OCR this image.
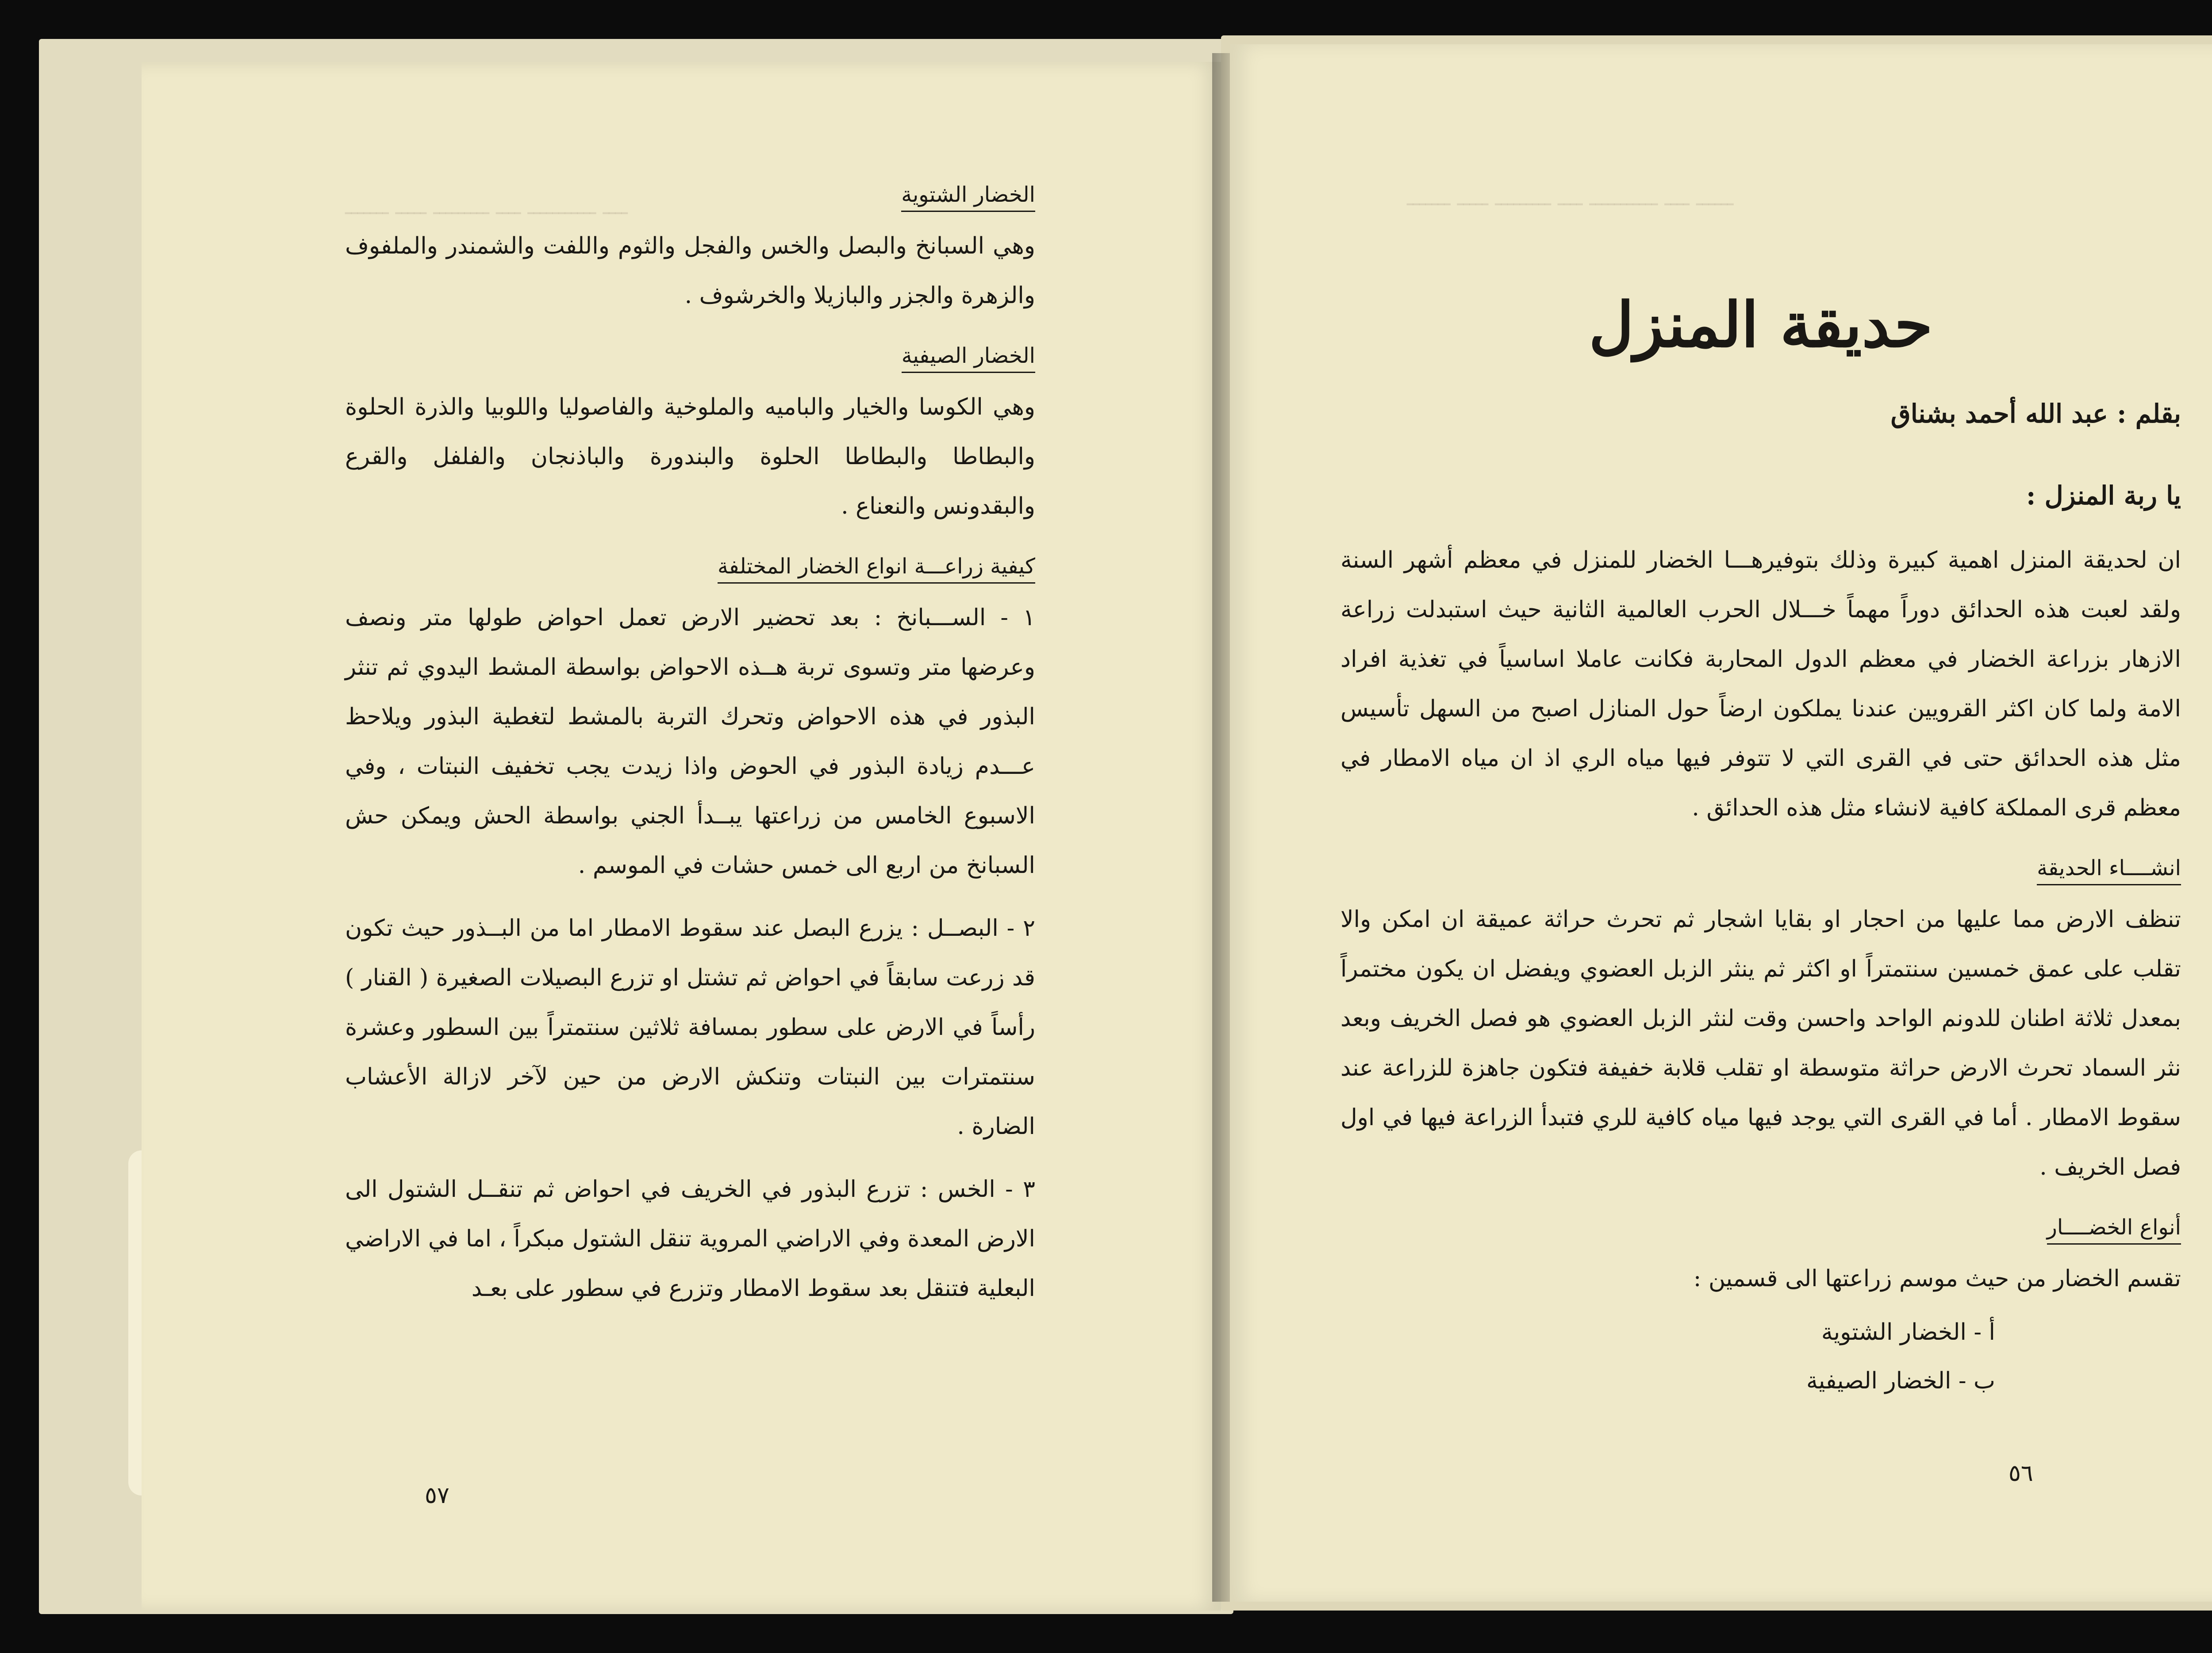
ـــــــ ـــــ ـــــــــ ــــ ـــــــــــ ــــ	الخضار الشتوية

وهي السبانخ والبصل والخس والفجل والثوم واللفت والشمندر والملفوف والزهرة والجزر والبازيلا والخرشوف .

الخضار الصيفية

وهي الكوسا والخيار والباميه والملوخية والفاصوليا واللوبيا والذرة الحلوة والبطاطا والبطاطا الحلوة والبندورة والباذنجان والفلفل والقرع والبقدونس والنعناع .

كيفية زراعـــة انواع الخضار المختلفة

١ - الســـبانخ : بعد تحضير الارض تعمل احواض طولها متر ونصف وعرضها متر وتسوى تربة هــذه الاحواض بواسطة المشط اليدوي ثم تنثر البذور في هذه الاحواض وتحرك التربة بالمشط لتغطية البذور ويلاحظ عـــدم زيادة البذور في الحوض واذا زيدت يجب تخفيف النبتات ، وفي الاسبوع الخامس من زراعتها يبــدأ الجني بواسطة الحش ويمكن حش السبانخ من اربع الى خمس حشات في الموسم .

٢ - البصــل : يزرع البصل عند سقوط الامطار اما من البــذور حيث تكون قد زرعت سابقاً في احواض ثم تشتل او تزرع البصيلات الصغيرة ( القنار ) رأساً في الارض على سطور بمسافة ثلاثين سنتمتراً بين السطور وعشرة سنتمترات بين النبتات وتنكش الارض من حين لآخر لازالة الأعشاب الضارة .

٣ - الخس : تزرع البذور في الخريف في احواض ثم تنقــل الشتول الى الارض المعدة وفي الاراضي المروية تنقل الشتول مبكراً ، اما في الاراضي البعلية فتنقل بعد سقوط الامطار وتزرع في سطور على بعـد

٥٧
ـــــــ ـــــ ـــــــــ ــــ ـــــــــــ ــــ ــــــ
حديقة المنزل
بقلم : عبد الله أحمد بشناق
يا ربة المنزل :

ان لحديقة المنزل اهمية كبيرة وذلك بتوفيرهـــا الخضار للمنزل في معظم أشهر السنة ولقد لعبت هذه الحدائق دوراً مهماً خـــلال الحرب العالمية الثانية حيث استبدلت زراعة الازهار بزراعة الخضار في معظم الدول المحاربة فكانت عاملا اساسياً في تغذية افراد الامة ولما كان اكثر القرويين عندنا يملكون ارضاً حول المنازل اصبح من السهل تأسيس مثل هذه الحدائق حتى في القرى التي لا تتوفر فيها مياه الري اذ ان مياه الامطار في معظم قرى المملكة كافية لانشاء مثل هذه الحدائق .

انشــــاء الحديقة

تنظف الارض مما عليها من احجار او بقايا اشجار ثم تحرث حراثة عميقة ان امكن والا تقلب على عمق خمسين سنتمتراً او اكثر ثم ينثر الزبل العضوي ويفضل ان يكون مختمراً بمعدل ثلاثة اطنان للدونم الواحد واحسن وقت لنثر الزبل العضوي هو فصل الخريف وبعد نثر السماد تحرث الارض حراثة متوسطة او تقلب قلابة خفيفة فتكون جاهزة للزراعة عند سقوط الامطار . أما في القرى التي يوجد فيها مياه كافية للري فتبدأ الزراعة فيها في اول فصل الخريف .

أنواع الخضــــار

تقسم الخضار من حيث موسم زراعتها الى قسمين :

أ - الخضار الشتوية
ب - الخضار الصيفية
٥٦
